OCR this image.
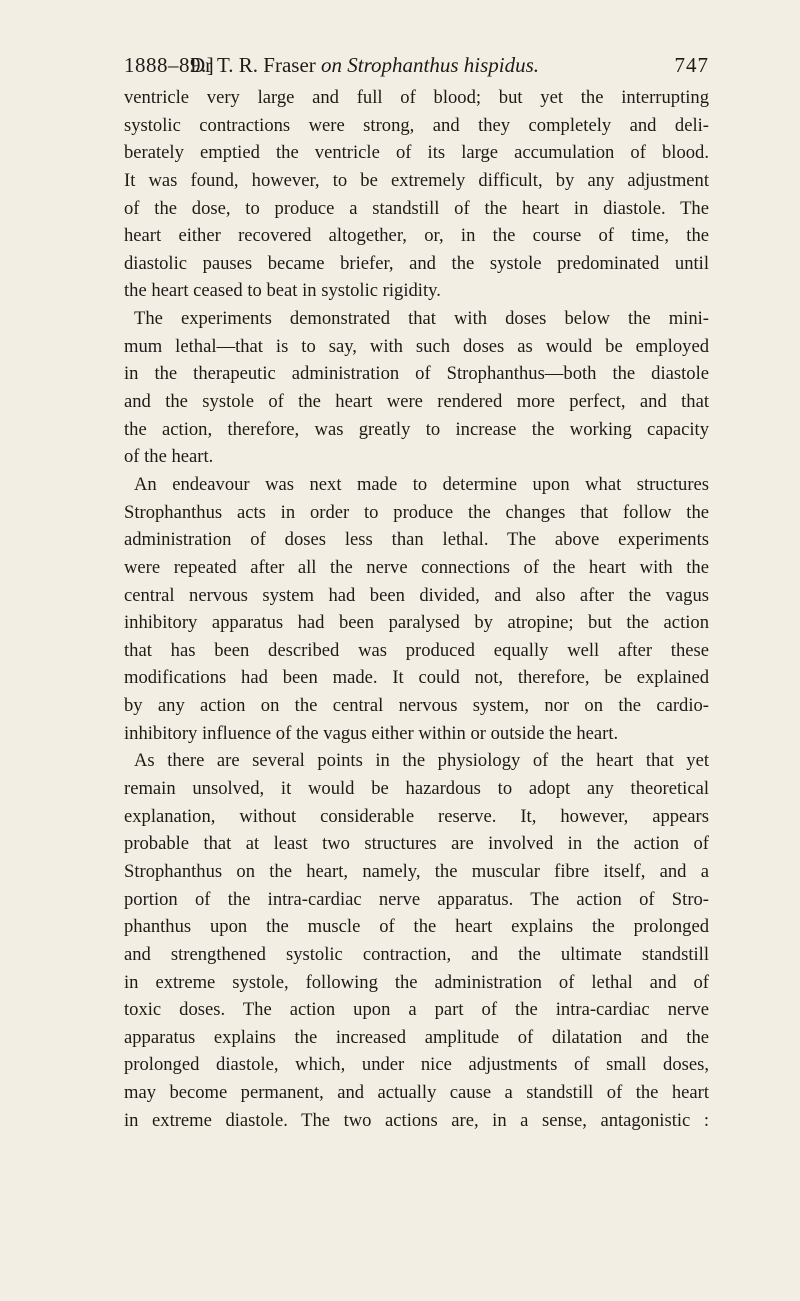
1888–89.]
Dr T. R. Fraser on Strophanthus hispidus.	747

ventricle very large and full of blood; but yet the interrupting
systolic contractions were strong, and they completely and deli-
berately emptied the ventricle of its large accumulation of blood.
It was found, however, to be extremely difficult, by any adjustment
of the dose, to produce a standstill of the heart in diastole. The
heart either recovered altogether, or, in the course of time, the
diastolic pauses became briefer, and the systole predominated until
the heart ceased to beat in systolic rigidity.

The experiments demonstrated that with doses below the mini-
mum lethal—that is to say, with such doses as would be employed
in the therapeutic administration of Strophanthus—both the diastole
and the systole of the heart were rendered more perfect, and that
the action, therefore, was greatly to increase the working capacity
of the heart.

An endeavour was next made to determine upon what structures
Strophanthus acts in order to produce the changes that follow the
administration of doses less than lethal. The above experiments
were repeated after all the nerve connections of the heart with the
central nervous system had been divided, and also after the vagus
inhibitory apparatus had been paralysed by atropine; but the action
that has been described was produced equally well after these
modifications had been made. It could not, therefore, be explained
by any action on the central nervous system, nor on the cardio-
inhibitory influence of the vagus either within or outside the heart.

As there are several points in the physiology of the heart that yet
remain unsolved, it would be hazardous to adopt any theoretical
explanation, without considerable reserve. It, however, appears
probable that at least two structures are involved in the action of
Strophanthus on the heart, namely, the muscular fibre itself, and a
portion of the intra-cardiac nerve apparatus. The action of Stro-
phanthus upon the muscle of the heart explains the prolonged
and strengthened systolic contraction, and the ultimate standstill
in extreme systole, following the administration of lethal and of
toxic doses. The action upon a part of the intra-cardiac nerve
apparatus explains the increased amplitude of dilatation and the
prolonged diastole, which, under nice adjustments of small doses,
may become permanent, and actually cause a standstill of the heart
in extreme diastole. The two actions are, in a sense, antagonistic :
